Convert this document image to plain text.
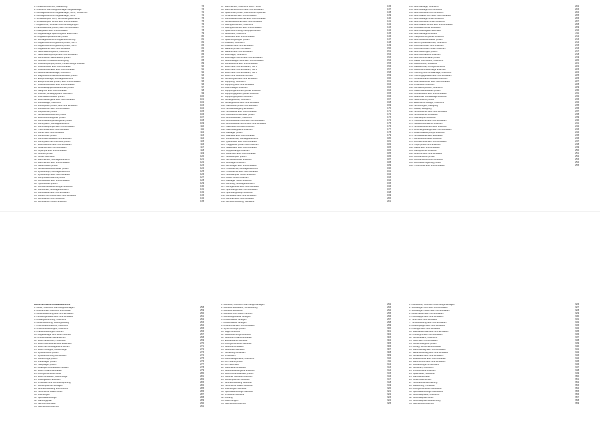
1. Inhaltsverzeichnis, Gliederung	73
2. Übersicht Fahrzeugunterlagen Abgasanlage	73
3. Montageübersicht Abgasanlage, Teil 1, Vorderrohr	74
4. Montageübersicht Abgasanlage, Teil 2	74
5. Schalldämpfer vorn, Verbindungselemente	75
6. Schalldämpfer hinten aus- und einbauen	75
7. Abgasrohre, Schellen und Aufhängungen	76
8. Lambdasonde prüfen, aus- und einbauen	77
9. Katalysator aus- und einbauen	78
10. Abgasanlage spannungsfrei ausrichten	79
11. Abgastemperaturfühler prüfen	80
12. Montageübersicht Abgasrückführung	81
13. Abgasrückführungsventil prüfen, Teil 1	82
14. Abgasrückführungsventil prüfen, Teil 2	83
15. Abgaskühler aus- und einbauen	84
16. Sekundärluftsystem, Übersicht	85
17. Sekundärluftpumpe aus- und einbauen	86
18. Kombiventil Sekundärluft prüfen	87
19. Übersicht Kraftstoffversorgung	88
20. Kraftstoffpumpe prüfen, Fördermenge messen	89
21. Kraftstofffilter aus- und einbauen	90
22. Kraftstoffbehälter aus- und einbauen	91
23. Aktivkohlefilteranlage, Übersicht	92
24. Magnetventil Aktivkohlebehälter prüfen	93
25. Einspritzanlage, Montageübersicht	94
26. Einspritzventile prüfen, aus- und einbauen	95
27. Kraftstoffverteiler aus- und einbauen	96
28. Drosselklappensteuereinheit prüfen	97
29. Saugrohr aus- und einbauen	98
30. Luftfilter, Ansaugsystem Übersicht	99
31. Luftmassenmesser prüfen	100
32. Motorsteuergerät aus- und einbauen	101
33. Zündanlage, Übersicht	102
34. Zündspulen prüfen, aus- und einbauen	103
35. Zündkerzen aus- und einbauen	104
36. Klopfsensor prüfen	105
37. Nockenwellensensor prüfen	106
38. Motordrehzahlgeber prüfen	107
39. Kühlmitteltemperaturgeber prüfen	108
40. Kühlsystem, Montageübersicht	109
41. Kühlmittelpumpe aus- und einbauen	110
42. Thermostat aus- und einbauen	111
43. Kühler aus- und einbauen	112
44. Kühlerlüfter prüfen	113
45. Kühlmittel ablassen und auffüllen	114
46. Kühlsystem auf Dichtheit prüfen	115
47. Motorölkühler aus- und einbauen	116
48. Ölwanne aus- und einbauen	117
49. Ölpumpe aus- und einbauen	118
50. Öldruck prüfen	119
51. Ölfilter wechseln	120
52. Zahnriemen, Montageübersicht	121
53. Zahnriemen aus- und einbauen	122
54. Steuerzeiten prüfen	123
55. Nockenwellenversteller prüfen	124
56. Zylinderkopf, Montageübersicht	125
57. Zylinderkopf aus- und einbauen	126
58. Kompressionsdruck prüfen	127
59. Ventildeckel aus- und einbauen	128
60. Hydrostößel prüfen	129
61. Ventilschaftabdichtungen ersetzen	130
62. Kurbeltrieb, Montageübersicht	131
63. Kurbelwelle aus- und einbauen	132
64. Kolben und Pleuel aus- und einbauen	133
65. Dichtflansch vorn ersetzen	134
66. Dichtflansch hinten ersetzen	135
67. Zahnriemen, Übersicht 2010 - 2016	136
68. Zahnriemenschutz aus- und einbauen	137
69. Spannrolle prüfen, Zahnriemen spannen	138
70. Umlenkrolle aus- und einbauen	139
71. Kurbelwellenzahnrad aus- und einbauen	140
72. Nockenwellenrad aus- und einbauen	141
73. Keilrippenriemen, Übersicht	142
74. Keilrippenriemen aus- und einbauen	143
75. Spannvorrichtung Keilrippenriemen	144
76. Generator, Übersicht	145
77. Generator aus- und einbauen	146
78. Spannungsregler prüfen	147
79. Anlasser, Übersicht	148
80. Anlasser aus- und einbauen	149
81. Batterie prüfen und laden	150
82. Batterie aus- und einbauen	151
83. Motorlager, Übersicht	152
84. Motorlager rechts aus- und einbauen	153
85. Getriebelager links aus- und einbauen	154
86. Pendelstütze aus- und einbauen	155
87. Motor aus- und einbauen, Teil 1	156
88. Motor aus- und einbauen, Teil 2	157
89. Motor aus- und einbauen, Teil 3	158
90. Motor und Getriebe trennen	159
91. Schwungrad aus- und einbauen	160
92. Kupplung, Übersicht	161
93. Kupplung aus- und einbauen	162
94. Ausrücklager ersetzen	163
95. Kupplungsnehmerzylinder ersetzen	164
96. Kupplungsgeberzylinder ersetzen	165
97. Kupplungssystem entlüften	166
98. Schaltgetriebe, Übersicht	167
99. Schaltgetriebe aus- und einbauen	168
100. Getriebeöl prüfen und auffüllen	169
101. Schaltbetätigung einstellen	170
102. Schaltseile aus- und einbauen	171
103. Rückfahrlichtschalter prüfen	172
104. Antriebswellen, Übersicht	173
105. Antriebswelle links aus- und einbauen	174
106. Antriebswelle rechts aus- und einbauen	175
107. Gelenkschutzhülle ersetzen	176
108. Gleichlaufgelenk ersetzen	177
109. Radlager prüfen	178
110. Radnabe aus- und einbauen	179
111. Vorderachse, Montageübersicht	180
112. Querlenker aus- und einbauen	181
113. Traggelenk prüfen und ersetzen	182
114. Stabilisator aus- und einbauen	183
115. Koppelstange ersetzen	184
116. Federbein aus- und einbauen	185
117. Stoßdämpfer prüfen	186
118. Schraubenfeder ersetzen	187
119. Domlager ersetzen	188
120. Achsträger aus- und einbauen	189
121. Hinterachse, Montageübersicht	190
122. Hinterachse aus- und einbauen	191
123. Stoßdämpfer hinten ersetzen	192
124. Feder hinten ersetzen	193
125. Radlager hinten ersetzen	194
126. Lenkung, Montageübersicht	195
127. Lenkgetriebe aus- und einbauen	196
128. Spurstange aus- und einbauen	197
129. Spurstangenkopf ersetzen	198
130. Lenksäule aus- und einbauen	199
131. Lenkrad aus- und einbauen	200
132. Achsvermessung, Sollwerte	201
133. Bremsanlage, Übersicht	202
134. Bremsbeläge vorn ersetzen	203
135. Bremsscheibe vorn ersetzen	204
136. Bremssattel vorn aus- und einbauen	205
137. Bremsbeläge hinten ersetzen	206
138. Bremsscheibe hinten ersetzen	207
139. Bremssattel hinten aus- und einbauen	208
140. Feststellbremse einstellen	209
141. Bremsflüssigkeit wechseln	210
142. Bremsanlage entlüften	211
143. Hauptbremszylinder ersetzen	212
144. Bremskraftverstärker prüfen	213
145. ABS-Hydraulikeinheit, Übersicht	214
146. Drehzahlfühler vorn ersetzen	215
147. Drehzahlfühler hinten ersetzen	216
148. Bremsleitungen prüfen	217
149. Bremsschläuche ersetzen	218
150. Bremslichtschalter prüfen	219
151. Räder und Reifen, Übersicht	220
152. Reifendruck, Sollwerte	221
153. Radwechsel, Anzugsmomente	222
154. Reifenkontrollanzeige anlernen	223
155. Heizung und Klimaanlage, Übersicht	224
156. Heizungsgebläse aus- und einbauen	225
157. Vorwiderstand Gebläse ersetzen	226
158. Wärmetauscher aus- und einbauen	227
159. Pollenfilter ersetzen	228
160. Klimakompressor, Übersicht	229
161. Kältemittelkreislauf prüfen	230
162. Kondensator aus- und einbauen	231
163. Bedienteil Klimaanlage ersetzen	232
164. Stellmotoren prüfen	233
165. Elektrische Anlage, Übersicht	234
166. Sicherungen, Belegung	235
167. Relais, Belegung	236
168. Scheinwerfer aus- und einbauen	237
169. Scheinwerfer einstellen	238
170. Glühlampen ersetzen	239
171. Heckleuchte aus- und einbauen	240
172. Nebelscheinwerfer ersetzen	241
173. Scheibenwischermotor ersetzen	242
174. Wischergestänge aus- und einbauen	243
175. Waschwasserpumpe ersetzen	244
176. Schalttafeleinsatz ausbauen	245
177. Lenkstockschalter ersetzen	246
178. Zündschloss aus- und einbauen	247
179. Hupe prüfen und ersetzen	248
180. Radio aus- und einbauen	249
181. Lautsprecher ersetzen	250
182. Antenne aus- und einbauen	251
183. Fensterheber prüfen	252
184. Fensterhebermotor ersetzen	253
185. Zentralverriegelung prüfen	254
186. Türschloss aus- und einbauen	255
Motormechanik Ausbauübersicht
1. Motor, Übersicht Fahrzeugunterlagen	258
2. Riementrieb Übersicht und Ablauf	259
3. Motorabdeckung aus- und einbauen	260
4. Luftfiltergehäuse aus- und einbauen	261
5. Ansaugluftführung, Übersicht	262
6. Motorsteuerung, Leitungsstrang	263
7. Kühlmittelschläuche, Übersicht	264
8. Unterdruckleitungen, Übersicht	265
9. Kraftstoffleitungen trennen	266
10. Abgasanlage vom Motor trennen	267
11. Antriebswellen abflanschen	268
12. Motor abstützen, Hilfsmittel	269
13. Motor-Getriebe-Einheit absenken	270
14. Motor auf Montagebock setzen	271
15. Motor zerlegen, Reihenfolge	272
16. Zylinderblock prüfen	273
17. Zylinderbohrung vermessen	274
18. Kolbenringe prüfen	275
19. Pleuellager prüfen	276
20. Hauptlager prüfen	277
21. Axialspiel Kurbelwelle messen	278
22. Motor zusammenbauen	279
23. Anzugsmomente Motor	280
24. Motor einbauen, Reihenfolge	281
25. Flüssigkeiten auffüllen	282
26. Probelauf und Dichtheitsprüfung	283
27. Fehlerspeicher abfragen	284
28. Grundeinstellung durchführen	285
29. Technische Daten Motor	286
30. Füllmengen	287
31. Spezialwerkzeuge	288
32. Wartungsplan	289
33. Service-Intervalle	290
34. Stichwortverzeichnis	291
1. Getriebe, Übersicht Fahrzeugunterlagen	292
2. Getriebe ausbauen, Vorbereitung	293
3. Getriebe abstützen	294
4. Getriebe vom Motor trennen	295
5. Getriebegehäuse zerlegen	296
6. Antriebswelle zerlegen	297
7. Abtriebswelle zerlegen	298
8. Differenzial aus- und einbauen	299
9. Synchronringe prüfen	300
10. Lager ersetzen	301
11. Wellendichtringe ersetzen	302
12. Getriebe zusammenbauen	303
13. Einstellwerte Getriebe	304
14. Anzugsmomente Getriebe	305
15. Getriebe einbauen	306
16. Getriebeöl auffüllen	307
17. Schaltung einstellen	308
18. Probefahrt	309
19. Automatikgetriebe, Übersicht	310
20. ATF-Stand prüfen	311
21. ATF wechseln	312
22. Wählhebel einstellen	313
23. Getriebesteuergerät ersetzen	314
24. Drehmomentwandler prüfen	315
25. Ölkühler Getriebe ersetzen	316
26. Fehlerspeicher Getriebe	317
27. Grundeinstellung Getriebe	318
28. Technische Daten Getriebe	319
29. Füllmengen Getriebe	320
30. Spezialwerkzeuge Getriebe	321
31. Prüfwerte Getriebe	322
32. Anhang	323
33. Abkürzungen	324
34. Stichwortverzeichnis	325
1. Karosserie, Übersicht Fahrzeugunterlagen	326
2. Stoßfänger vorn aus- und einbauen	327
3. Stoßfänger hinten aus- und einbauen	328
4. Motorhaube aus- und einbauen	329
5. Heckklappe aus- und einbauen	330
6. Türen aus- und einbauen	331
7. Türverkleidung aus- und einbauen	332
8. Außenspiegel aus- und einbauen	333
9. Kotflügel aus- und einbauen	334
10. Radhausschale aus- und einbauen	335
11. Kühlergrill aus- und einbauen	336
12. Schiebedach, Übersicht	337
13. Sitze aus- und einbauen	338
14. Sicherheitsgurte prüfen	339
15. Airbag, Sicherheitshinweise	340
16. Fahrerairbag aus- und einbauen	341
17. Beifahrerairbag aus- und einbauen	342
18. Schalttafel aus- und einbauen	343
19. Mittelkonsole aus- und einbauen	344
20. Dachhimmel aus- und einbauen	345
21. Verkleidungen Innenraum	346
22. Scheiben, Übersicht	347
23. Frontscheibe ersetzen	348
24. Spaltmaße, Sollwerte	349
25. Karosseriemaße	350
26. Unterbodenschutz	351
27. Hohlraumkonservierung	352
28. Lackierung, Hinweise	353
29. Anzugsmomente Karosserie	354
30. Spezialwerkzeuge Karosserie	355
31. Stromlaufpläne, Übersicht	356
32. Stromlaufplan Motor	357
33. Stromlaufplan Beleuchtung	358
34. Stichwortverzeichnis	359
